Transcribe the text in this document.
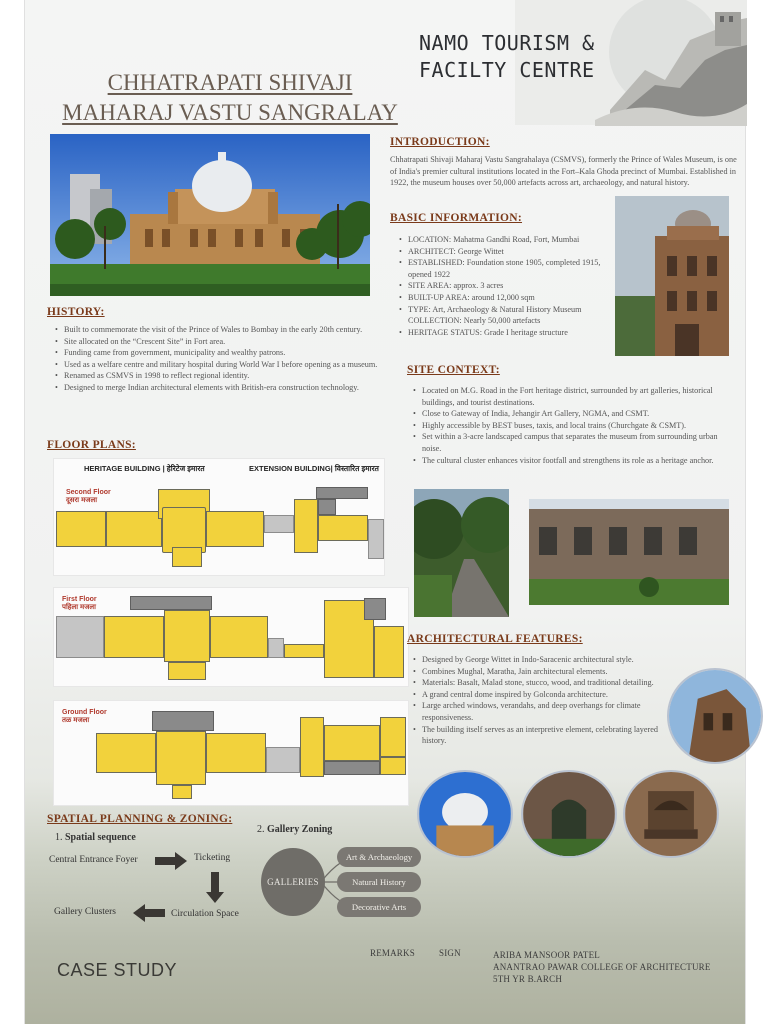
NAMO TOURISM &
FACILTY CENTRE
CHHATRAPATI SHIVAJI
MAHARAJ VASTU SANGRALAY
INTRODUCTION:
Chhatrapati Shivaji Maharaj Vastu Sangrahalaya (CSMVS), formerly the Prince of Wales Museum, is one of India's premier cultural institutions located in the Fort–Kala Ghoda precinct of Mumbai. Established in 1922, the museum houses over 50,000 artefacts across art, archaeology, and natural history.
BASIC INFORMATION:
• LOCATION: Mahatma Gandhi Road, Fort, Mumbai
• ARCHITECT: George Wittet
• ESTABLISHED: Foundation stone 1905, completed 1915, opened 1922
• SITE AREA: approx. 3 acres
• BUILT-UP AREA: around 12,000 sqm
• TYPE: Art, Archaeology & Natural History Museum COLLECTION: Nearly 50,000 artefacts
• HERITAGE STATUS: Grade I heritage structure
HISTORY:
• Built to commemorate the visit of the Prince of Wales to Bombay in the early 20th century.
• Site allocated on the “Crescent Site” in Fort area.
• Funding came from government, municipality and wealthy patrons.
• Used as a welfare centre and military hospital during World War I before opening as a museum.
• Renamed as CSMVS in 1998 to reflect regional identity.
• Designed to merge Indian architectural elements with British-era construction technology.
SITE CONTEXT:
• Located on M.G. Road in the Fort heritage district, surrounded by art galleries, historical buildings, and tourist destinations.
• Close to Gateway of India, Jehangir Art Gallery, NGMA, and CSMT.
• Highly accessible by BEST buses, taxis, and local trains (Churchgate & CSMT).
• Set within a 3-acre landscaped campus that separates the museum from surrounding urban noise.
• The cultural cluster enhances visitor footfall and strengthens its role as a heritage anchor.
FLOOR PLANS:
HERITAGE BUILDING | हेरिटेज इमारत	EXTENSION BUILDING| विस्तारित इमारत
Second Floor
दूसरा मजला
First Floor
पहिला मजला
Ground Floor
तळ मजला
ARCHITECTURAL FEATURES:
• Designed by George Wittet in Indo-Saracenic architectural style.
• Combines Mughal, Maratha, Jain architectural elements.
• Materials: Basalt, Malad stone, stucco, wood, and traditional detailing.
• A grand central dome inspired by Golconda architecture.
• Large arched windows, verandahs, and deep overhangs for climate responsiveness.
• The building itself serves as an interpretive element, celebrating layered history.
SPATIAL PLANNING & ZONING:
1. Spatial sequence
2. Gallery Zoning
Central Entrance Foyer	Ticketing
Circulation Space
Gallery Clusters
GALLERIES
Art & Archaeology
Natural History
Decorative Arts
CASE STUDY
REMARKS	SIGN	ARIBA MANSOOR PATEL
ANANTRAO PAWAR COLLEGE OF ARCHITECTURE
5TH YR B.ARCH
